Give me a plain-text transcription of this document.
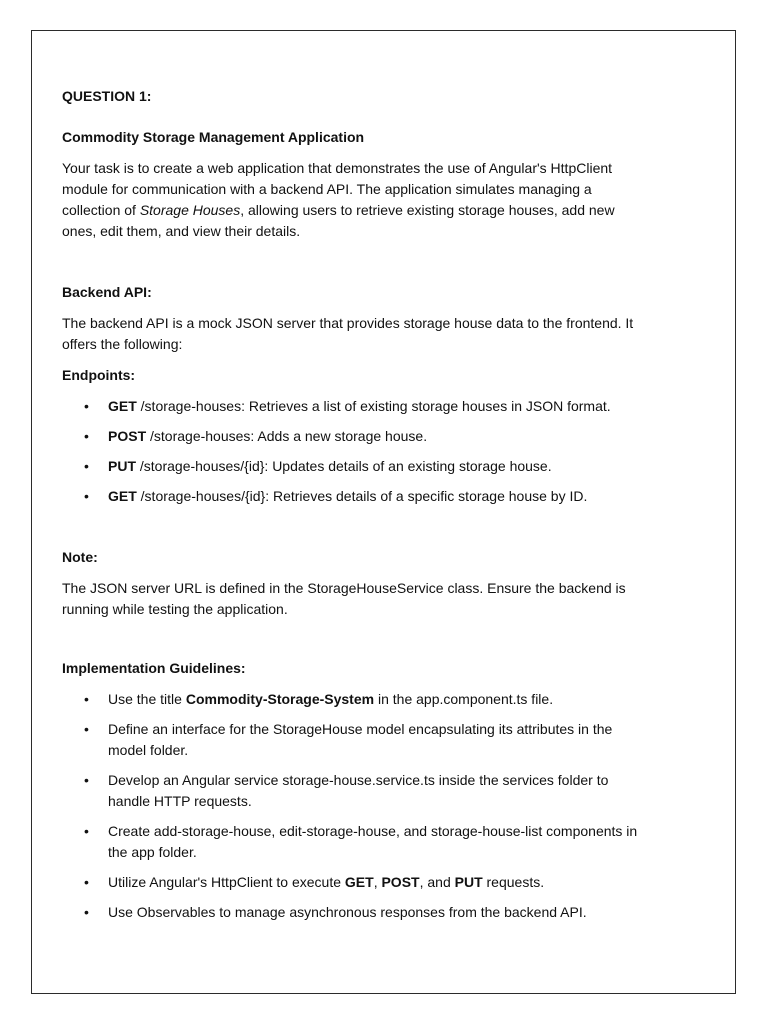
QUESTION 1:

Commodity Storage Management Application

Your task is to create a web application that demonstrates the use of Angular's HttpClient module for communication with a backend API. The application simulates managing a collection of Storage Houses, allowing users to retrieve existing storage houses, add new ones, edit them, and view their details.

Backend API:

The backend API is a mock JSON server that provides storage house data to the frontend. It offers the following:

Endpoints:

• GET /storage-houses: Retrieves a list of existing storage houses in JSON format.
• POST /storage-houses: Adds a new storage house.
• PUT /storage-houses/{id}: Updates details of an existing storage house.
• GET /storage-houses/{id}: Retrieves details of a specific storage house by ID.

Note:

The JSON server URL is defined in the StorageHouseService class. Ensure the backend is running while testing the application.

Implementation Guidelines:

• Use the title Commodity-Storage-System in the app.component.ts file.
• Define an interface for the StorageHouse model encapsulating its attributes in the model folder.
• Develop an Angular service storage-house.service.ts inside the services folder to handle HTTP requests.
• Create add-storage-house, edit-storage-house, and storage-house-list components in the app folder.
• Utilize Angular's HttpClient to execute GET, POST, and PUT requests.
• Use Observables to manage asynchronous responses from the backend API.
